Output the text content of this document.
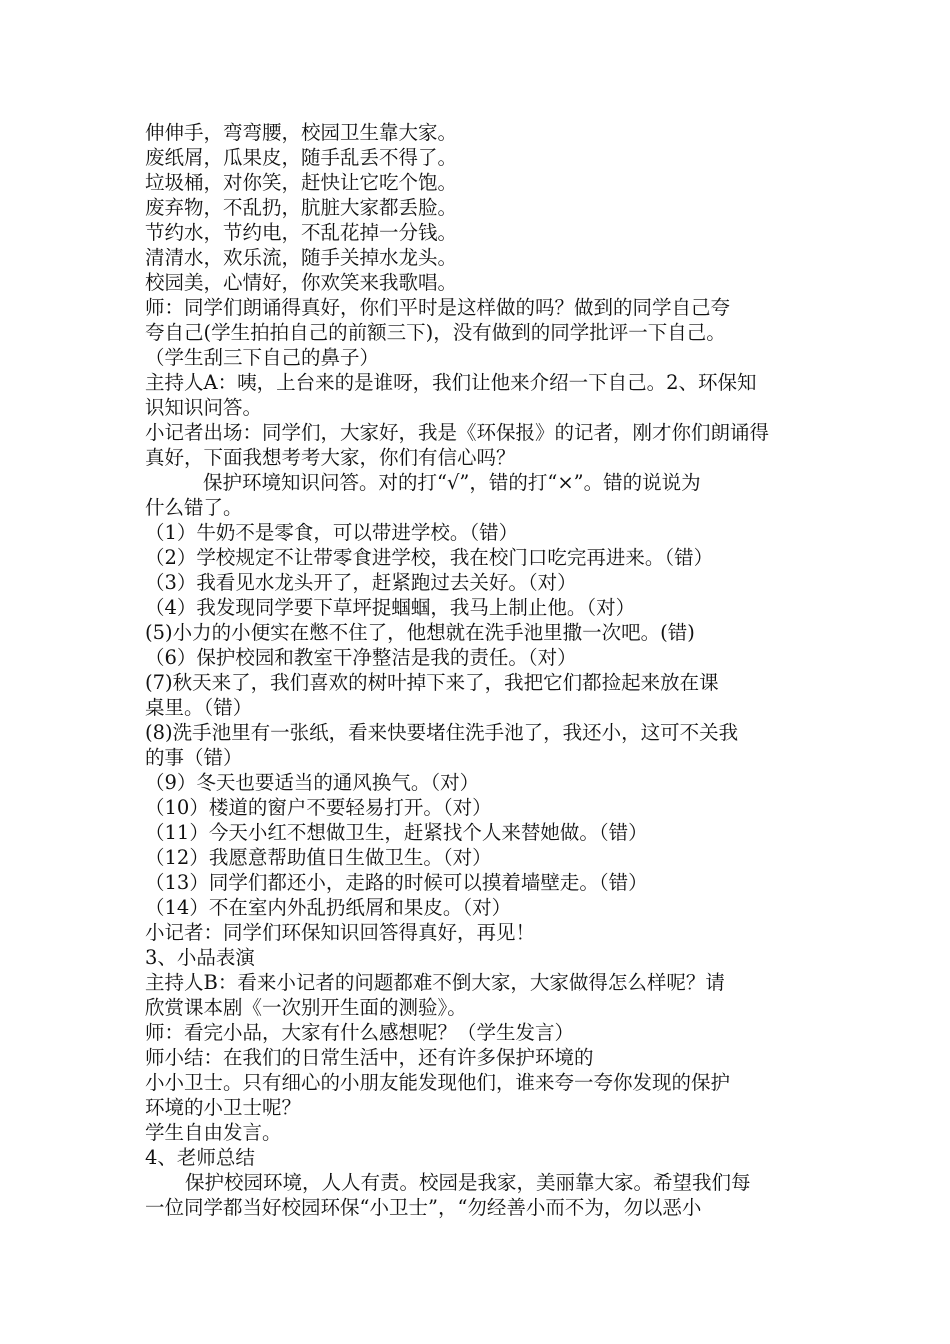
伸伸手，弯弯腰，校园卫生靠大家。
废纸屑，瓜果皮，随手乱丢不得了。
垃圾桶，对你笑，赶快让它吃个饱。
废弃物，不乱扔，肮脏大家都丢脸。
节约水，节约电，不乱花掉一分钱。
清清水，欢乐流，随手关掉水龙头。
校园美，心情好，你欢笑来我歌唱。
师：同学们朗诵得真好，你们平时是这样做的吗？做到的同学自己夸
夸自己(学生拍拍自己的前额三下)，没有做到的同学批评一下自己。
（学生刮三下自己的鼻子）
主持人A：咦，上台来的是谁呀，我们让他来介绍一下自己。2、环保知
识知识问答。
小记者出场：同学们，大家好，我是《环保报》的记者，刚才你们朗诵得
真好，下面我想考考大家，你们有信心吗？
保护环境知识问答。对的打“√”，错的打“×”。错的说说为
什么错了。
（1）牛奶不是零食，可以带进学校。（错）
（2）学校规定不让带零食进学校，我在校门口吃完再进来。（错）
（3）我看见水龙头开了，赶紧跑过去关好。（对）
（4）我发现同学要下草坪捉蝈蝈，我马上制止他。（对）
(5)小力的小便实在憋不住了，他想就在洗手池里撒一次吧。(错)
（6）保护校园和教室干净整洁是我的责任。（对）
(7)秋天来了，我们喜欢的树叶掉下来了，我把它们都捡起来放在课
桌里。（错）
(8)洗手池里有一张纸，看来快要堵住洗手池了，我还小，这可不关我
的事（错）
（9）冬天也要适当的通风换气。（对）
（10）楼道的窗户不要轻易打开。（对）
（11）今天小红不想做卫生，赶紧找个人来替她做。（错）
（12）我愿意帮助值日生做卫生。（对）
（13）同学们都还小，走路的时候可以摸着墙壁走。（错）
（14）不在室内外乱扔纸屑和果皮。（对）
小记者：同学们环保知识回答得真好，再见！
3、小品表演
主持人B：看来小记者的问题都难不倒大家，大家做得怎么样呢？请
欣赏课本剧《一次别开生面的测验》。
师：看完小品，大家有什么感想呢？（学生发言）
师小结：在我们的日常生活中，还有许多保护环境的
小小卫士。只有细心的小朋友能发现他们，谁来夸一夸你发现的保护
环境的小卫士呢？
学生自由发言。
4、老师总结
保护校园环境，人人有责。校园是我家，美丽靠大家。希望我们每
一位同学都当好校园环保“小卫士”，“勿经善小而不为，勿以恶小
